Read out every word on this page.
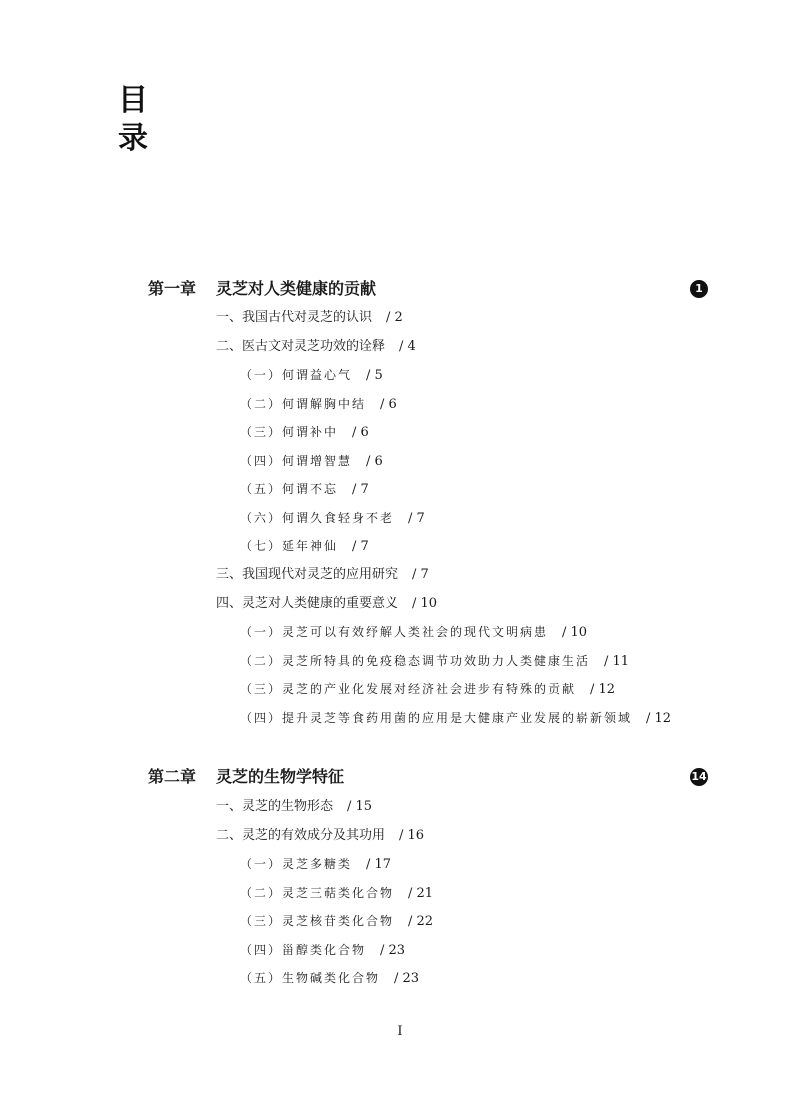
目
录
第一章 灵芝对人类健康的贡献	1
一、我国古代对灵芝的认识 / 2
二、医古文对灵芝功效的诠释 / 4
（一）何谓益心气 / 5
（二）何谓解胸中结 / 6
（三）何谓补中 / 6
（四）何谓增智慧 / 6
（五）何谓不忘 / 7
（六）何谓久食轻身不老 / 7
（七）延年神仙 / 7
三、我国现代对灵芝的应用研究 / 7
四、灵芝对人类健康的重要意义 / 10
（一）灵芝可以有效纾解人类社会的现代文明病患 / 10
（二）灵芝所特具的免疫稳态调节功效助力人类健康生活 / 11
（三）灵芝的产业化发展对经济社会进步有特殊的贡献 / 12
（四）提升灵芝等食药用菌的应用是大健康产业发展的崭新领域 / 12
第二章 灵芝的生物学特征	14
一、灵芝的生物形态 / 15
二、灵芝的有效成分及其功用 / 16
（一）灵芝多糖类 / 17
（二）灵芝三萜类化合物 / 21
（三）灵芝核苷类化合物 / 22
（四）甾醇类化合物 / 23
（五）生物碱类化合物 / 23
I
